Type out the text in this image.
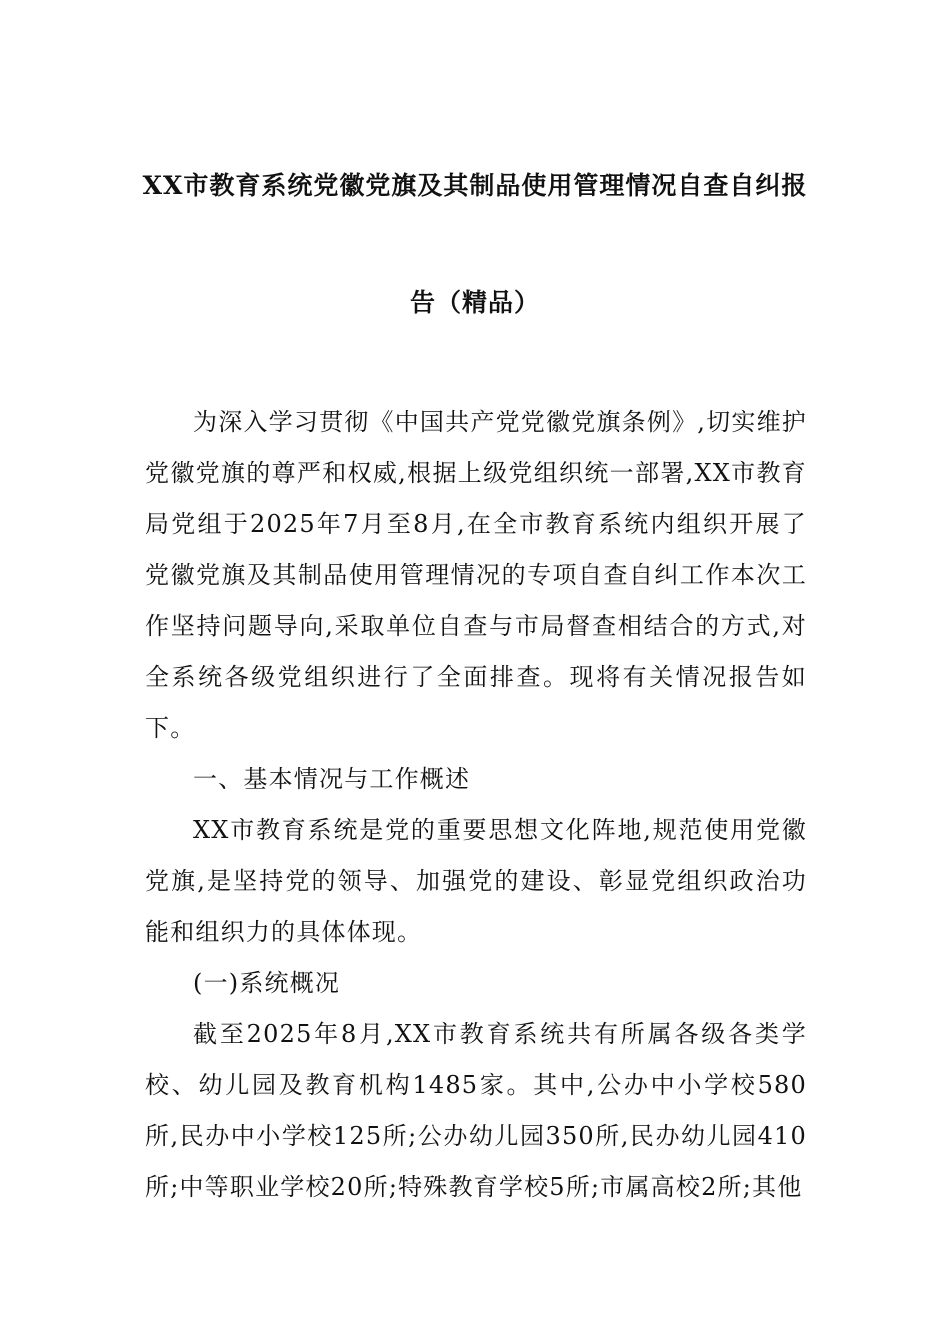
XX市教育系统党徽党旗及其制品使用管理情况自查自纠报
告（精品）

为深入学习贯彻《中国共产党党徽党旗条例》,切实维护党徽党旗的尊严和权威,根据上级党组织统一部署,XX市教育局党组于2025年7月至8月,在全市教育系统内组织开展了党徽党旗及其制品使用管理情况的专项自查自纠工作本次工作坚持问题导向,采取单位自查与市局督查相结合的方式,对全系统各级党组织进行了全面排查。现将有关情况报告如下。

一、基本情况与工作概述

XX市教育系统是党的重要思想文化阵地,规范使用党徽党旗,是坚持党的领导、加强党的建设、彰显党组织政治功能和组织力的具体体现。

(一)系统概况

截至2025年8月,XX市教育系统共有所属各级各类学校、幼儿园及教育机构1485家。其中,公办中小学校580所,民办中小学校125所;公办幼儿园350所,民办幼儿园410所;中等职业学校20所;特殊教育学校5所;市属高校2所;其他
